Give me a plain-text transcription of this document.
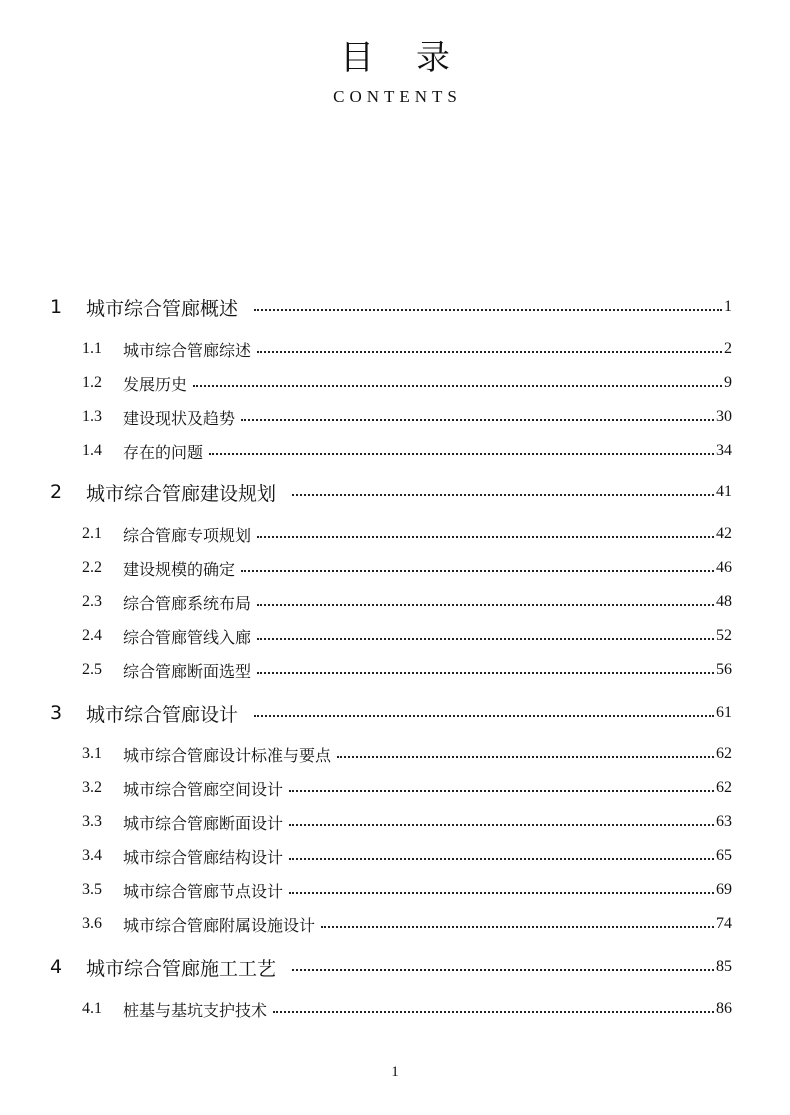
目录
CONTENTS
1	城市综合管廊概述	1
1.1	城市综合管廊综述	2
1.2	发展历史	9
1.3	建设现状及趋势	30
1.4	存在的问题	34
2	城市综合管廊建设规划	41
2.1	综合管廊专项规划	42
2.2	建设规模的确定	46
2.3	综合管廊系统布局	48
2.4	综合管廊管线入廊	52
2.5	综合管廊断面选型	56
3	城市综合管廊设计	61
3.1	城市综合管廊设计标准与要点	62
3.2	城市综合管廊空间设计	62
3.3	城市综合管廊断面设计	63
3.4	城市综合管廊结构设计	65
3.5	城市综合管廊节点设计	69
3.6	城市综合管廊附属设施设计	74
4	城市综合管廊施工工艺	85
4.1	桩基与基坑支护技术	86
1
